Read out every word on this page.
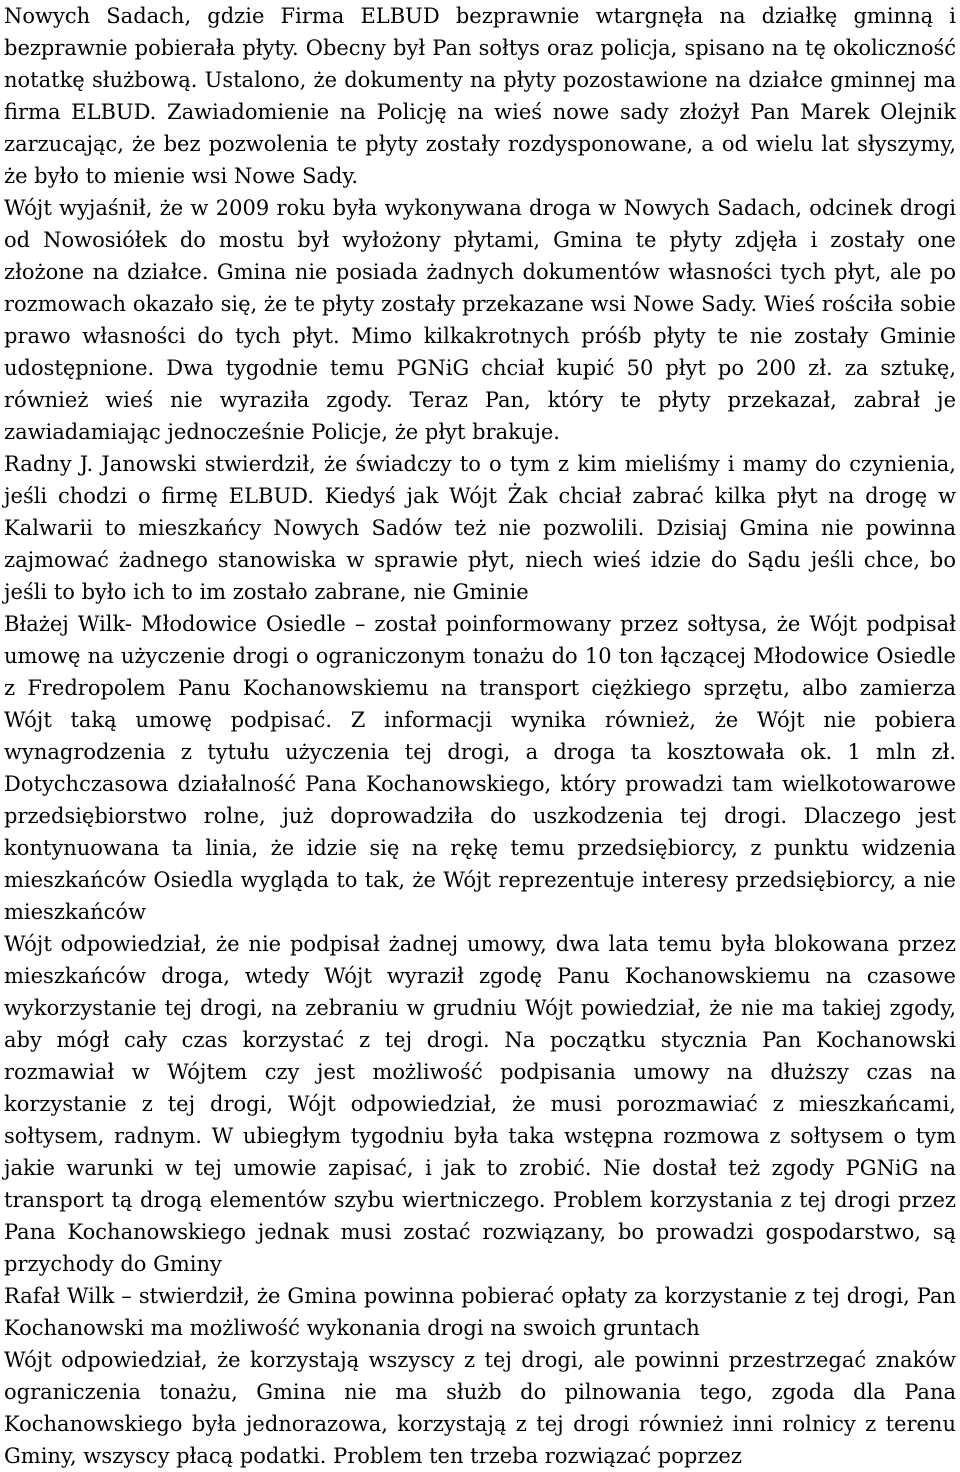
Nowych Sadach, gdzie Firma ELBUD bezprawnie wtargnęła na działkę gminną i bezprawnie pobierała płyty. Obecny był Pan sołtys oraz policja, spisano na tę okoliczność notatkę służbową. Ustalono, że dokumenty na płyty pozostawione na działce gminnej ma firma ELBUD. Zawiadomienie na Policję na wieś nowe sady złożył Pan Marek Olejnik zarzucając, że bez pozwolenia te płyty zostały rozdysponowane, a od wielu lat słyszymy, że było to mienie wsi Nowe Sady.

Wójt wyjaśnił, że w 2009 roku była wykonywana droga w Nowych Sadach, odcinek drogi od Nowosiółek do mostu był wyłożony płytami, Gmina te płyty zdjęła i zostały one złożone na działce. Gmina nie posiada żadnych dokumentów własności tych płyt, ale po rozmowach okazało się, że te płyty zostały przekazane wsi Nowe Sady. Wieś rościła sobie prawo własności do tych płyt. Mimo kilkakrotnych próśb płyty te nie zostały Gminie udostępnione. Dwa tygodnie temu PGNiG chciał kupić 50 płyt po 200 zł. za sztukę, również wieś nie wyraziła zgody. Teraz Pan, który te płyty przekazał, zabrał je zawiadamiając jednocześnie Policje, że płyt brakuje.

Radny J. Janowski stwierdził, że świadczy to o tym z kim mieliśmy i mamy do czynienia, jeśli chodzi o firmę ELBUD. Kiedyś jak Wójt Żak chciał zabrać kilka płyt na drogę w Kalwarii to mieszkańcy Nowych Sadów też nie pozwolili. Dzisiaj Gmina nie powinna zajmować żadnego stanowiska w sprawie płyt, niech wieś idzie do Sądu jeśli chce, bo jeśli to było ich to im zostało zabrane, nie Gminie

Błażej Wilk- Młodowice Osiedle – został poinformowany przez sołtysa, że Wójt podpisał umowę na użyczenie drogi o ograniczonym tonażu do 10 ton łączącej Młodowice Osiedle z Fredropolem Panu Kochanowskiemu na transport ciężkiego sprzętu, albo zamierza Wójt taką umowę podpisać. Z informacji wynika również, że Wójt nie pobiera wynagrodzenia z tytułu użyczenia tej drogi, a droga ta kosztowała ok. 1 mln zł. Dotychczasowa działalność Pana Kochanowskiego, który prowadzi tam wielkotowarowe przedsiębiorstwo rolne, już doprowadziła do uszkodzenia tej drogi. Dlaczego jest kontynuowana ta linia, że idzie się na rękę temu przedsiębiorcy, z punktu widzenia mieszkańców Osiedla wygląda to tak, że Wójt reprezentuje interesy przedsiębiorcy, a nie mieszkańców

Wójt odpowiedział, że nie podpisał żadnej umowy, dwa lata temu była blokowana przez mieszkańców droga, wtedy Wójt wyraził zgodę Panu Kochanowskiemu na czasowe wykorzystanie tej drogi, na zebraniu w grudniu Wójt powiedział, że nie ma takiej zgody, aby mógł cały czas korzystać z tej drogi. Na początku stycznia Pan Kochanowski rozmawiał w Wójtem czy jest możliwość podpisania umowy na dłuższy czas na korzystanie z tej drogi, Wójt odpowiedział, że musi porozmawiać z mieszkańcami, sołtysem, radnym. W ubiegłym tygodniu była taka wstępna rozmowa z sołtysem o tym jakie warunki w tej umowie zapisać, i jak to zrobić. Nie dostał też zgody PGNiG na transport tą drogą elementów szybu wiertniczego. Problem korzystania z tej drogi przez Pana Kochanowskiego jednak musi zostać rozwiązany, bo prowadzi gospodarstwo, są przychody do Gminy

Rafał Wilk – stwierdził, że Gmina powinna pobierać opłaty za korzystanie z tej drogi, Pan Kochanowski ma możliwość wykonania drogi na swoich gruntach

Wójt odpowiedział, że korzystają wszyscy z tej drogi, ale powinni przestrzegać znaków ograniczenia tonażu, Gmina nie ma służb do pilnowania tego, zgoda dla Pana Kochanowskiego była jednorazowa, korzystają z tej drogi również inni rolnicy z terenu Gminy, wszyscy płacą podatki. Problem ten trzeba rozwiązać poprzez
